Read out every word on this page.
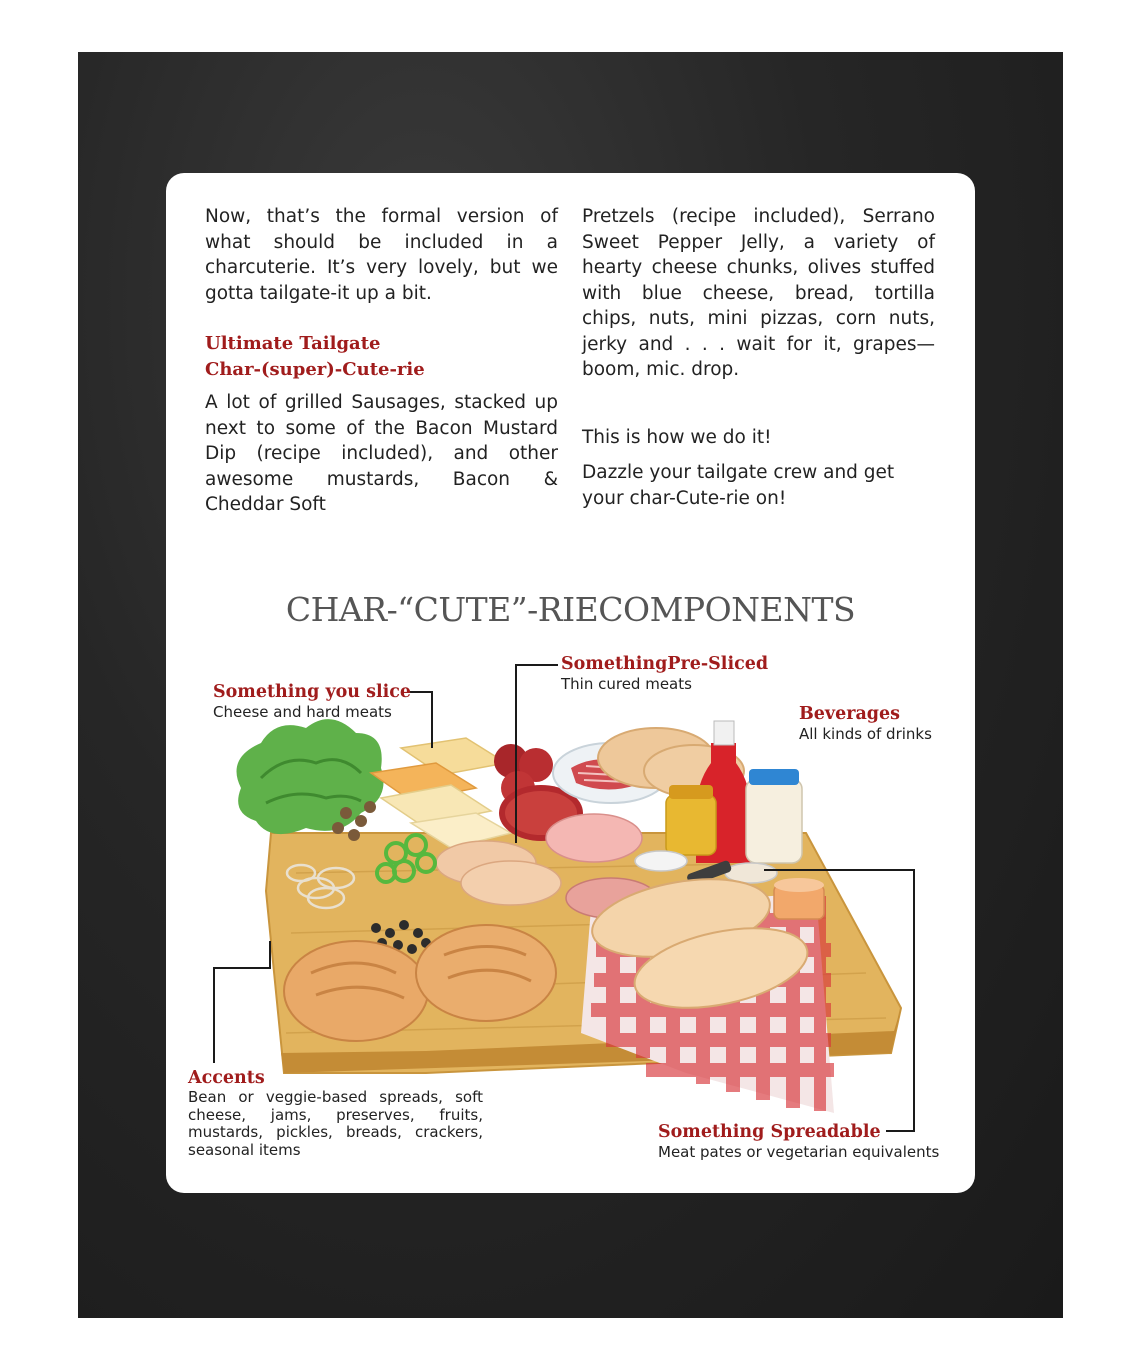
Now, that’s the formal version of what should be included in a charcuterie. It’s very lovely, but we gotta tailgate-it up a bit.

Ultimate Tailgate
Char-(super)-Cute-rie

A lot of grilled Sausages, stacked up next to some of the Bacon Mustard Dip (recipe included), and other awesome mustards, Bacon & Cheddar Soft

Pretzels (recipe included), Serrano Sweet Pepper Jelly, a variety of hearty cheese chunks, olives stuffed with blue cheese, bread, tortilla chips, nuts, mini pizzas, corn nuts, jerky and . . . wait for it, grapes—boom, mic. drop.

This is how we do it!

Dazzle your tailgate crew and get your char-Cute-rie on!

CHAR-“CUTE”-RIECOMPONENTS
Something you slice
Cheese and hard meats
SomethingPre-Sliced
Thin cured meats
Beverages
All kinds of drinks
Accents
Bean or veggie-based spreads, soft cheese, jams, preserves, fruits, mustards, pickles, breads, crackers, seasonal items
Something Spreadable
Meat pates or vegetarian equivalents
